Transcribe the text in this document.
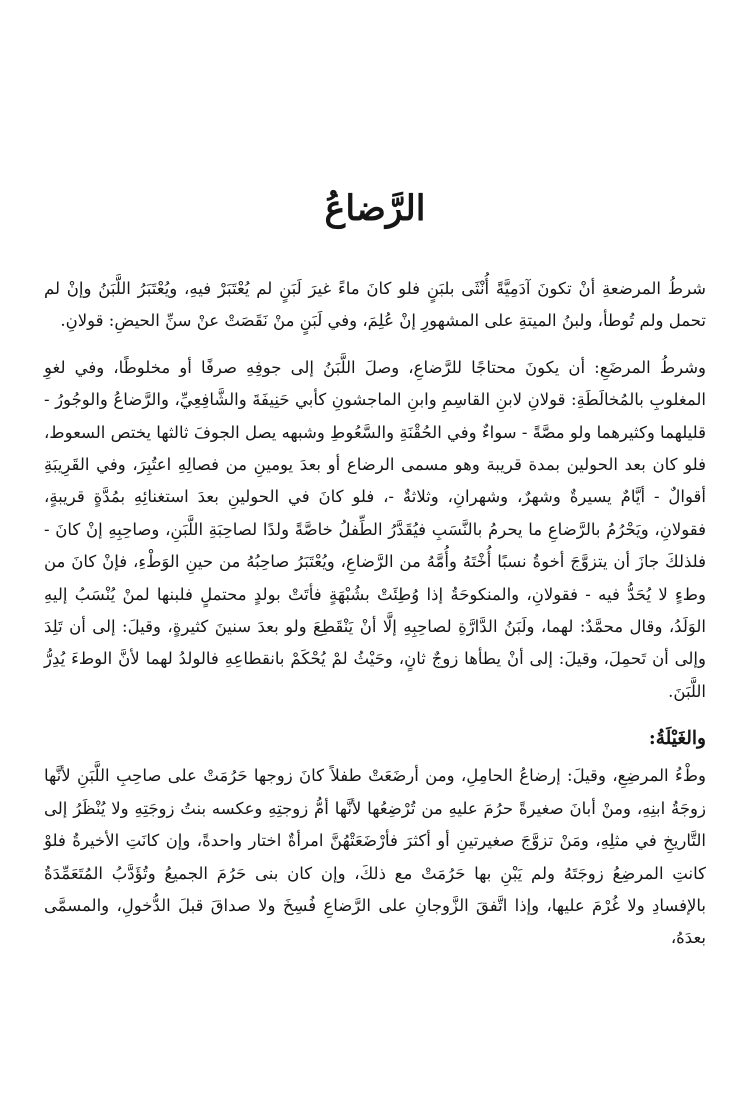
الرَّضاعُ

شرطُ المرضعةِ أنْ تكونَ آدَمِيَّةً أُنْثَى بلبَنٍ فلو كانَ ماءً غيرَ لَبَنٍ لم يُعْتَبَرْ فيهِ، ويُعْتَبَرُ اللَّبَنُ وإنْ لم تحمل ولم تُوطأ، ولبنُ الميتةِ على المشهورِ إنْ عُلِمَ، وفي لَبَنٍ منْ نَقَصَتْ عنْ سنِّ الحيضِ: قولانِ.

وشرطُ المرضَعِ: أن يكونَ محتاجًا للرَّضاعِ، وصلَ اللَّبَنُ إلى جوفِهِ صرفًا أو مخلوطًا، وفي لغوِ المغلوبِ بالمُخالَطَةِ: قولانِ لابنِ القاسِمِ وابنِ الماجشونِ كأبي حَنِيفَةَ والشَّافِعِيِّ، والرَّضاعُ والوجُورُ - قليلهما وكثيرهما ولو مصَّةً - سواءٌ وفي الحُقْنَةِ والسَّعُوطِ وشبهه يصل الجوفَ ثالثها يختص السعوط، فلو كان بعد الحولين بمدة قريبة وهو مسمى الرضاع أو بعدَ يومينِ من فصالِهِ اعتُبِرَ، وفي القَرِيبَةِ أقوالٌ - أيَّامٌ يسيرةٌ وشهرٌ، وشهرانِ، وثلاثةٌ -، فلو كانَ في الحولينِ بعدَ استغنائِهِ بمُدَّةٍ قريبةٍ، فقولانِ، ويَحْرُمُ بالرَّضاعِ ما يحرمُ بالنَّسَبِ فيُقَدَّرُ الطِّفلُ خاصَّةً ولدًا لصاحِبَةِ اللَّبَنِ، وصاحِبِهِ إنْ كانَ - فلذلكَ جازَ أن يتزوَّجَ أخوةُ نسبًا أُخْتَهُ وأُمَّهُ من الرَّضاعِ، ويُعْتَبَرُ صاحِبُهُ من حينِ الوَطْءِ، فإنْ كانَ من وطءٍ لا يُحَدُّ فيه - فقولانِ، والمنكوحَةُ إذا وُطِئَتْ بشُبْهَةٍ فأتَتْ بولدٍ محتملٍ فلبنها لمنْ يُنْسَبُ إليهِ الوَلَدُ، وقال محمَّدٌ: لهما، ولَبَنُ الدَّارَّةِ لصاحِبِهِ إلَّا أنْ يَنْقَطِعَ ولو بعدَ سنينَ كثيرةٍ، وقيلَ: إلى أن تَلِدَ وإلى أن تَحمِلَ، وقيلَ: إلى أنْ يطأها زوجٌ ثانٍ، وحَيْثُ لمْ يُحْكَمْ بانقطاعِهِ فالولدُ لهما لأنَّ الوطءَ يُدِرُّ اللَّبَنَ.

والغَيْلَةُ:

وطْءُ المرضِعِ، وقيلَ: إرضاعُ الحامِلِ، ومن أرضَعَتْ طفلاً كانَ زوجها حَرُمَتْ على صاحِبِ اللَّبَنِ لأنَّها زوجَةُ ابنِهِ، ومنْ أبانَ صغيرةً حرُمَ عليهِ من تُرْضِعُها لأنَّها أمُّ زوجتِهِ وعكسه بنتُ زوجَتِهِ ولا يُنْظَرُ إلى التَّاريخِ في مثلِهِ، ومَنْ تزوَّجَ صغيرتينِ أو أكثرَ فأرْضَعَتْهُنَّ امرأةٌ اختار واحدةً، وإن كانَتِ الأخيرةُ فلوْ كانتِ المرضِعُ زوجَتَهُ ولم يَبْنِ بها حَرُمَتْ مع ذلكَ، وإن كان بنى حَرُمَ الجميعُ وتُؤَدَّبُ المُتَعَمِّدَةُ بالإفسادِ ولا غُرْمَ عليها، وإذا اتَّفقَ الزَّوجانِ على الرَّضاعِ فُسِخَ ولا صداقَ قبلَ الدُّخولِ، والمسمَّى بعدَهُ،
